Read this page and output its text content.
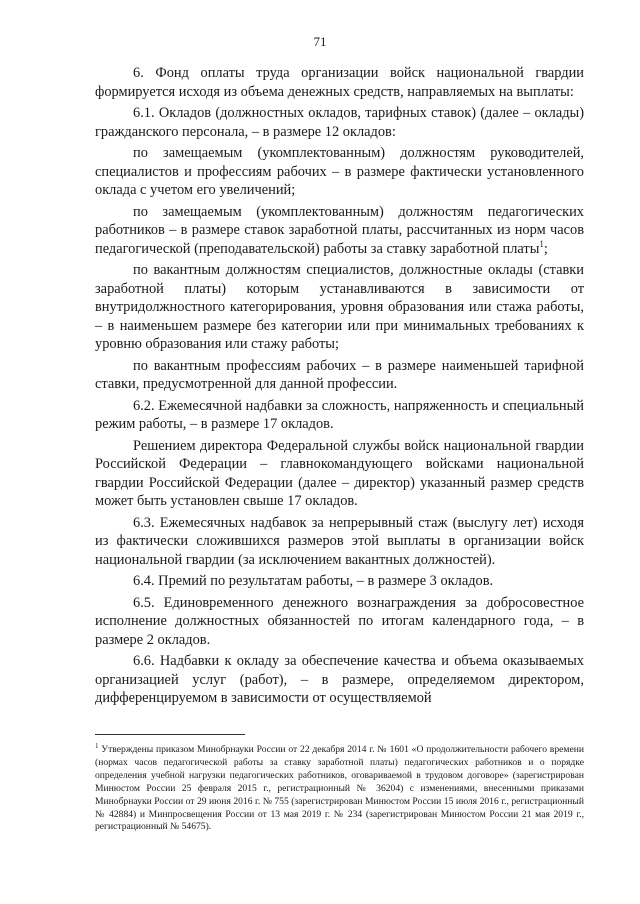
71

6. Фонд оплаты труда организации войск национальной гвардии формируется исходя из объема денежных средств, направляемых на выплаты:

6.1. Окладов (должностных окладов, тарифных ставок) (далее – оклады) гражданского персонала, – в размере 12 окладов:

по замещаемым (укомплектованным) должностям руководителей, специалистов и профессиям рабочих – в размере фактически установленного оклада с учетом его увеличений;

по замещаемым (укомплектованным) должностям педагогических работников – в размере ставок заработной платы, рассчитанных из норм часов педагогической (преподавательской) работы за ставку заработной платы$^1$;

по вакантным должностям специалистов, должностные оклады (ставки заработной платы) которым устанавливаются в зависимости от внутридолжностного категорирования, уровня образования или стажа работы, – в наименьшем размере без категории или при минимальных требованиях к уровню образования или стажу работы;

по вакантным профессиям рабочих – в размере наименьшей тарифной ставки, предусмотренной для данной профессии.

6.2. Ежемесячной надбавки за сложность, напряженность и специальный режим работы, – в размере 17 окладов.

Решением директора Федеральной службы войск национальной гвардии Российской Федерации – главнокомандующего войсками национальной гвардии Российской Федерации (далее – директор) указанный размер средств может быть установлен свыше 17 окладов.

6.3. Ежемесячных надбавок за непрерывный стаж (выслугу лет) исходя из фактически сложившихся размеров этой выплаты в организации войск национальной гвардии (за исключением вакантных должностей).

6.4. Премий по результатам работы, – в размере 3 окладов.

6.5. Единовременного денежного вознаграждения за добросовестное исполнение должностных обязанностей по итогам календарного года, – в размере 2 окладов.

6.6. Надбавки к окладу за обеспечение качества и объема оказываемых организацией услуг (работ), – в размере, определяемом директором, дифференцируемом в зависимости от осуществляемой

$^1$ Утверждены приказом Минобрнауки России от 22 декабря 2014 г. № 1601 «О продолжительности рабочего времени (нормах часов педагогической работы за ставку заработной платы) педагогических работников и о порядке определения учебной нагрузки педагогических работников, оговариваемой в трудовом договоре» (зарегистрирован Минюстом России 25 февраля 2015 г., регистрационный № 36204) с изменениями, внесенными приказами Минобрнауки России от 29 июня 2016 г. № 755 (зарегистрирован Минюстом России 15 июля 2016 г., регистрационный № 42884) и Минпросвещения России от 13 мая 2019 г. № 234 (зарегистрирован Минюстом России 21 мая 2019 г., регистрационный № 54675).
